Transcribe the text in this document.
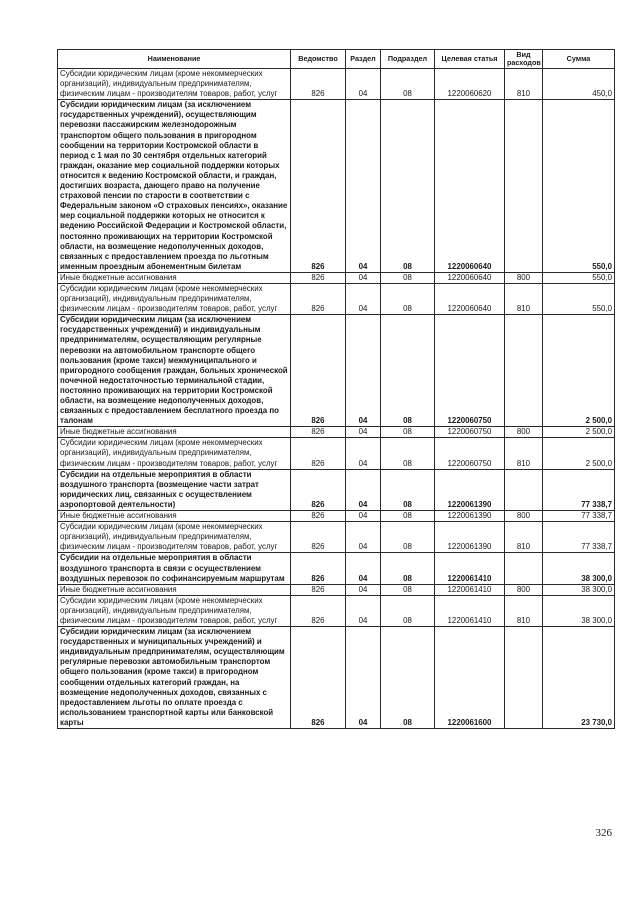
Наименование	Ведомство	Раздел	Подраздел	Целевая статья	Вид расходов	Сумма
Субсидии юридическим лицам (кроме некоммерческих организаций), индивидуальным предпринимателям, физическим лицам - производителям товаров, работ, услуг	826	04	08	1220060620	810	450,0
Субсидии юридическим лицам (за исключением государственных учреждений), осуществляющим перевозки пассажирским железнодорожным транспортом общего пользования в пригородном сообщении на территории Костромской области в период с 1 мая по 30 сентября отдельных категорий граждан, оказание мер социальной поддержки которых относится к ведению Костромской области, и граждан, достигших возраста, дающего право на получение страховой пенсии по старости в соответствии с Федеральным законом «О страховых пенсиях», оказание мер социальной поддержки которых не относится к ведению Российской Федерации и Костромской области, постоянно проживающих на территории Костромской области, на возмещение недополученных доходов, связанных с предоставлением проезда по льготным именным проездным абонементным билетам	826	04	08	1220060640		550,0
Иные бюджетные ассигнования	826	04	08	1220060640	800	550,0
Субсидии юридическим лицам (кроме некоммерческих организаций), индивидуальным предпринимателям, физическим лицам - производителям товаров, работ, услуг	826	04	08	1220060640	810	550,0
Субсидии юридическим лицам (за исключением государственных учреждений) и индивидуальным предпринимателям, осуществляющим регулярные перевозки на автомобильном транспорте общего пользования (кроме такси) межмуниципального и пригородного сообщения граждан, больных хронической почечной недостаточностью терминальной стадии, постоянно проживающих на территории Костромской области, на возмещение недополученных доходов, связанных с предоставлением бесплатного проезда по талонам	826	04	08	1220060750		2 500,0
Иные бюджетные ассигнования	826	04	08	1220060750	800	2 500,0
Субсидии юридическим лицам (кроме некоммерческих организаций), индивидуальным предпринимателям, физическим лицам - производителям товаров, работ, услуг	826	04	08	1220060750	810	2 500,0
Субсидии на отдельные мероприятия в области воздушного транспорта (возмещение части затрат юридических лиц, связанных с осуществлением аэропортовой деятельности)	826	04	08	1220061390		77 338,7
Иные бюджетные ассигнования	826	04	08	1220061390	800	77 338,7
Субсидии юридическим лицам (кроме некоммерческих организаций), индивидуальным предпринимателям, физическим лицам - производителям товаров, работ, услуг	826	04	08	1220061390	810	77 338,7
Субсидии на отдельные мероприятия в области воздушного транспорта в связи с осуществлением воздушных перевозок по софинансируемым маршрутам	826	04	08	1220061410		38 300,0
Иные бюджетные ассигнования	826	04	08	1220061410	800	38 300,0
Субсидии юридическим лицам (кроме некоммерческих организаций), индивидуальным предпринимателям, физическим лицам - производителям товаров, работ, услуг	826	04	08	1220061410	810	38 300,0
Субсидии юридическим лицам (за исключением государственных и муниципальных учреждений) и индивидуальным предпринимателям, осуществляющим регулярные перевозки автомобильным транспортом общего пользования (кроме такси) в пригородном сообщении отдельных категорий граждан, на возмещение недополученных доходов, связанных с предоставлением льготы по оплате проезда с использованием транспортной карты или банковской карты	826	04	08	1220061600		23 730,0
326
